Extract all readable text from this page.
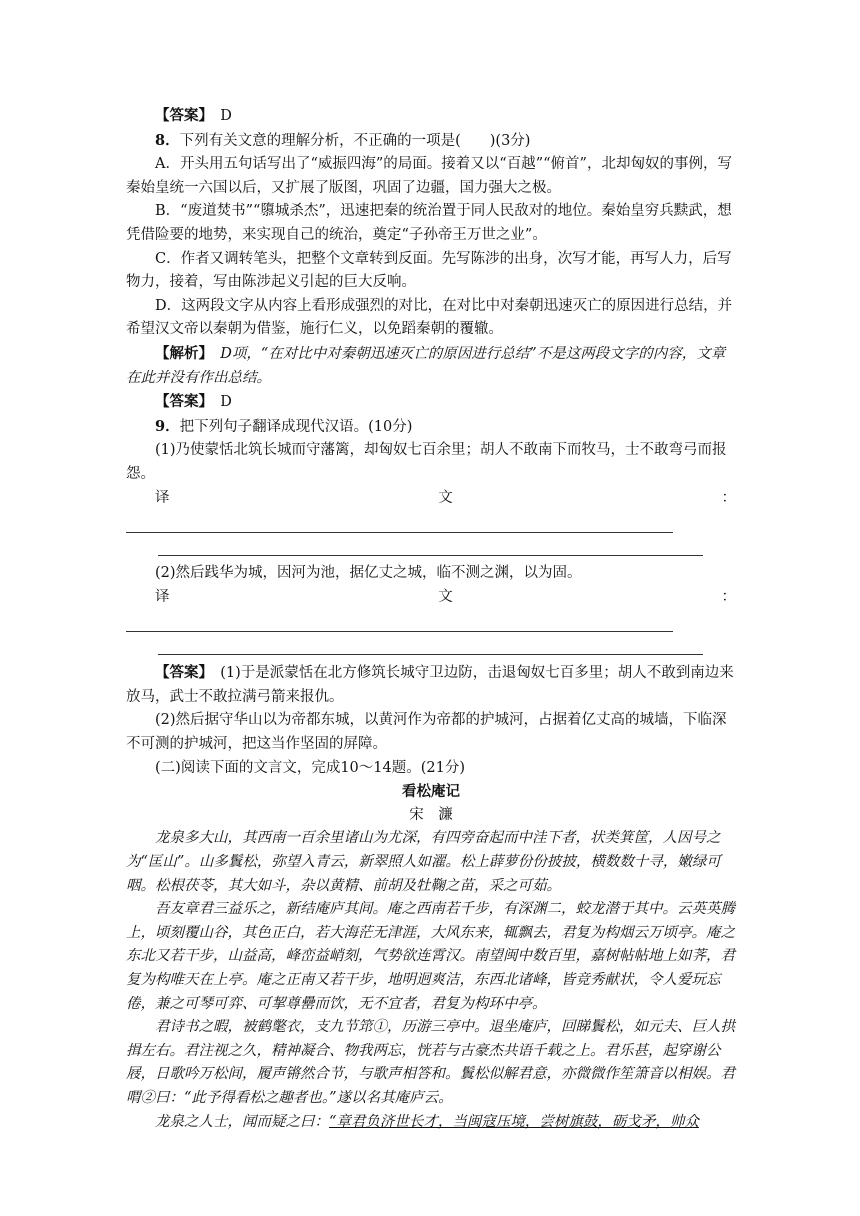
【答案】　 D

8．下列有关文意的理解分析，不正确的一项是(　　)(3分)

A．开头用五句话写出了“威振四海”的局面。接着又以“百越”“俯首”，北却匈奴的事例，写秦始皇统一六国以后，又扩展了版图，巩固了边疆，国力强大之极。

B．“废道焚书”“隳城杀杰”，迅速把秦的统治置于同人民敌对的地位。秦始皇穷兵黩武，想凭借险要的地势，来实现自己的统治，奠定“子孙帝王万世之业”。

C．作者又调转笔头，把整个文章转到反面。先写陈涉的出身，次写才能，再写人力，后写物力，接着，写由陈涉起义引起的巨大反响。

D．这两段文字从内容上看形成强烈的对比，在对比中对秦朝迅速灭亡的原因进行总结，并希望汉文帝以秦朝为借鉴，施行仁义，以免蹈秦朝的覆辙。

【解析】　 D项，“在对比中对秦朝迅速灭亡的原因进行总结”不是这两段文字的内容，文章在此并没有作出总结。

【答案】　 D

9．把下列句子翻译成现代汉语。(10分)

(1)乃使蒙恬北筑长城而守藩篱，却匈奴七百余里；胡人不敢南下而牧马，士不敢弯弓而报怨。

译	文	：

(2)然后践华为城，因河为池，据亿丈之城，临不测之渊，以为固。

译	文	：

【答案】　 (1)于是派蒙恬在北方修筑长城守卫边防，击退匈奴七百多里；胡人不敢到南边来放马，武士不敢拉满弓箭来报仇。

(2)然后据守华山以为帝都东城，以黄河作为帝都的护城河，占据着亿丈高的城墙，下临深不可测的护城河，把这当作坚固的屏障。

(二)阅读下面的文言文，完成10～14题。(21分)

看松庵记

宋　濂

龙泉多大山，其西南一百余里诸山为尤深，有四旁奋起而中洼下者，状类箕筐，人因号之为“匡山”。山多鬒松，弥望入青云，新翠照人如濯。松上薜萝份份披披，横数数十寻，嫩绿可咽。松根茯苓，其大如斗，杂以黄精、前胡及牡鞠之苗，采之可茹。

吾友章君三益乐之，新结庵庐其间。庵之西南若千步，有深渊二，蛟龙潜于其中。云英英腾上，顷刻覆山谷，其色正白，若大海茫无津涯，大风东来，辄飘去，君复为构烟云万顷亭。庵之东北又若干步，山益高，峰峦益峭刻，气势欲连霄汉。南望闽中数百里，嘉树帖帖地上如荠，君复为构唯天在上亭。庵之正南又若干步，地明迥爽洁，东西北诸峰，皆竞秀献状，令人爱玩忘倦，兼之可琴可弈、可挈尊罍而饮，无不宜者，君复为构环中亭。

君诗书之暇，被鹤氅衣，支九节筇①，历游三亭中。退坐庵庐，回睇鬒松，如元夫、巨人拱揖左右。君注视之久，精神凝合、物我两忘，恍若与古豪杰共语千载之上。君乐甚，起穿谢公屐，日歌吟万松间，履声锵然合节，与歌声相答和。鬒松似解君意，亦微微作笙箫音以相娱。君喟②曰：“此予得看松之趣者也。”遂以名其庵庐云。

龙泉之人士，闻而疑之曰：“章君负济世长才，当闽寇压境，尝树旗鼓，砺戈矛，帅众
